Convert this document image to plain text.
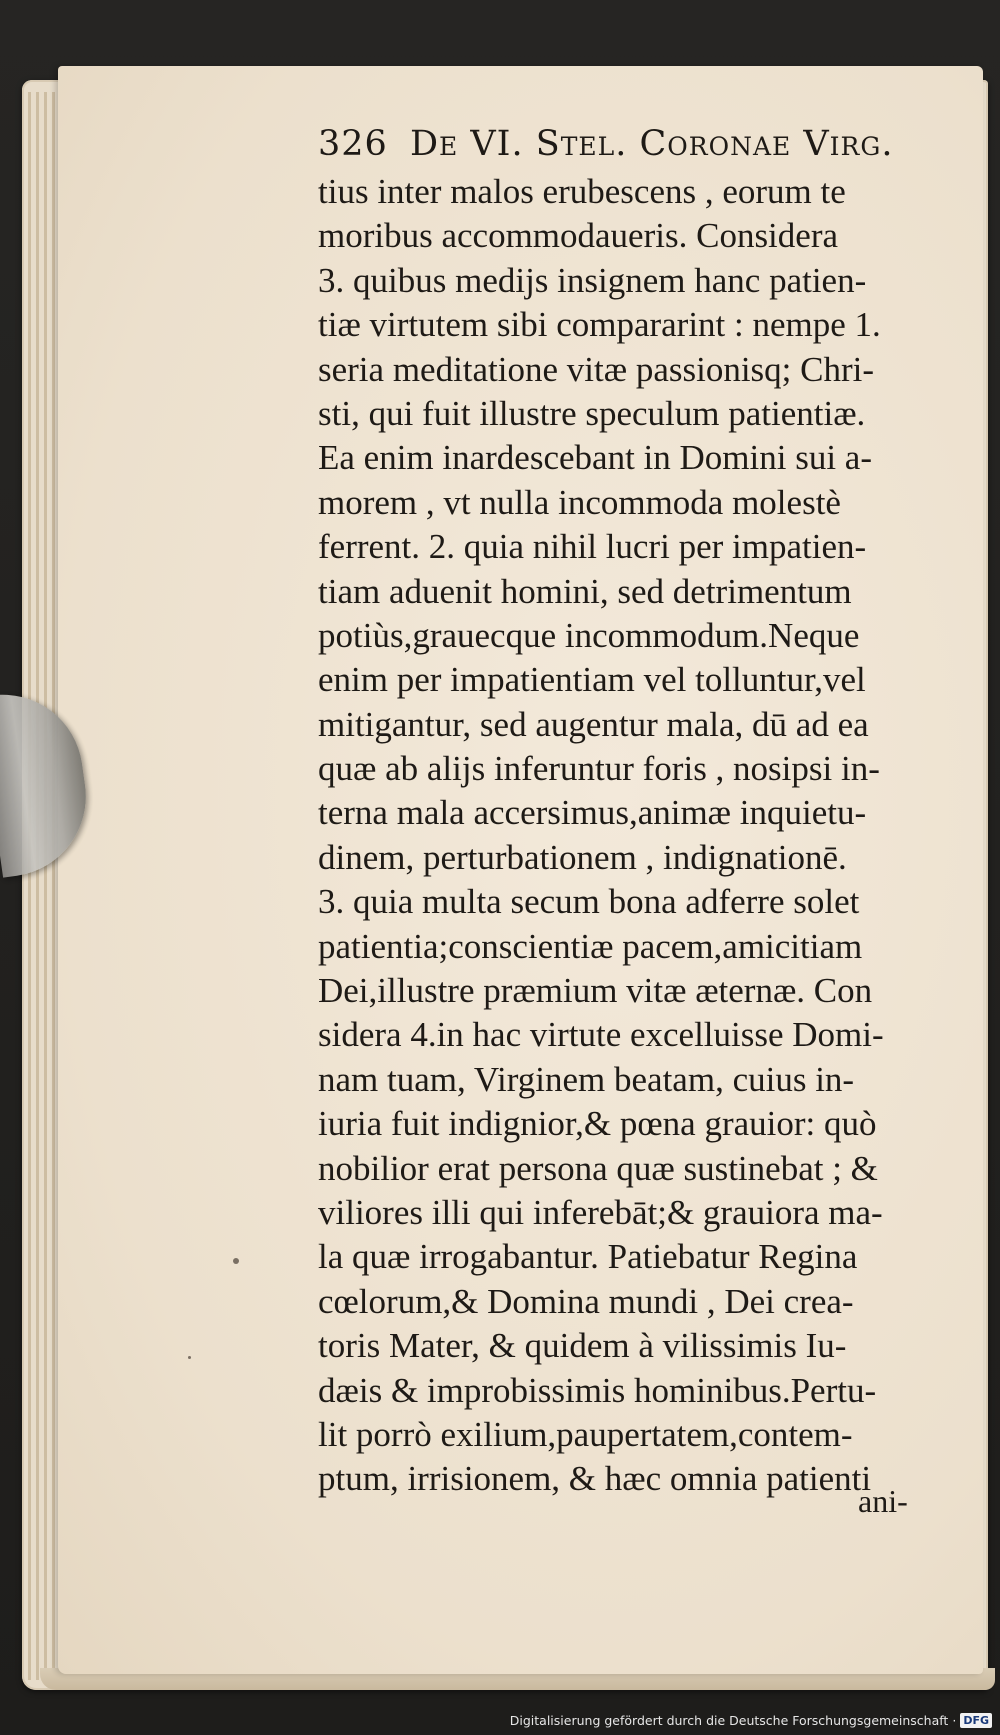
326 De VI. Stel. Coronae Virg.
tius inter malos erubescens , eorum te
moribus accommodaueris. Considera
3. quibus medijs insignem hanc patien-
tiæ virtutem sibi compararint : nempe 1.
seria meditatione vitæ passionisq; Chri-
sti, qui fuit illustre speculum patientiæ.
Ea enim inardescebant in Domini sui a-
morem , vt nulla incommoda molestè
ferrent. 2. quia nihil lucri per impatien-
tiam aduenit homini, sed detrimentum
potiùs,grauecque incommodum.Neque
enim per impatientiam vel tolluntur,vel
mitigantur, sed augentur mala, dū ad ea
quæ ab alijs inferuntur foris , nosipsi in-
terna mala accersimus,animæ inquietu-
dinem, perturbationem , indignationē.
3. quia multa secum bona adferre solet
patientia;conscientiæ pacem,amicitiam
Dei,illustre præmium vitæ æternæ. Con
sidera 4.in hac virtute excelluisse Domi-
nam tuam, Virginem beatam, cuius in-
iuria fuit indignior,& pœna grauior: quò
nobilior erat persona quæ sustinebat ; &
viliores illi qui inferebāt;& grauiora ma-
la quæ irrogabantur. Patiebatur Regina
cœlorum,& Domina mundi , Dei crea-
toris Mater, & quidem à vilissimis Iu-
dæis & improbissimis hominibus.Pertu-
lit porrò exilium,paupertatem,contem-
ptum, irrisionem, & hæc omnia patienti
ani-
Digitalisierung gefördert durch die Deutsche Forschungsgemeinschaft · DFG
